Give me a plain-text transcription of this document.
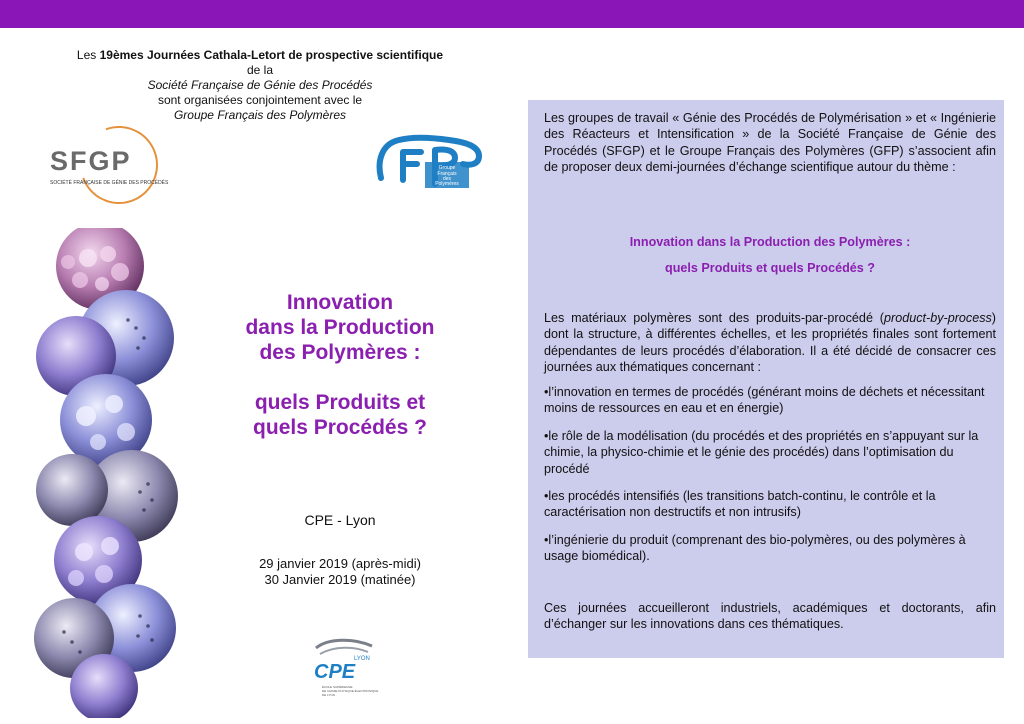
Les 19èmes Journées Cathala-Letort de prospective scientifique
de la
Société Française de Génie des Procédés
sont organisées conjointement avec le
Groupe Français des Polymères
SFGP
SOCIÉTÉ FRANÇAISE DE GÉNIE DES PROCÉDÉS
Groupe
Français
des
Polymères
Innovation
dans la Production
des Polymères :
quels Produits et
quels Procédés ?
CPE - Lyon
29 janvier 2019 (après-midi)
30 Janvier 2019 (matinée)
LYON
CPE
ÉCOLE SUPÉRIEURE
DE CHIMIE PHYSIQUE ÉLECTRONIQUE
DE LYON

Les groupes de travail « Génie des Procédés de Polymérisation » et « Ingénierie des Réacteurs et Intensification » de la Société Française de Génie des Procédés (SFGP) et le Groupe Français des Polymères (GFP) s’associent afin de proposer deux demi-journées d’échange scientifique autour du thème :

Innovation dans la Production des Polymères :

quels Produits et quels Procédés ?

Les matériaux polymères sont des produits-par-procédé (product-by-process) dont la structure, à différentes échelles, et les propriétés finales sont fortement dépendantes de leurs procédés d’élaboration. Il a été décidé de consacrer ces journées aux thématiques concernant :

•l’innovation en termes de procédés (générant moins de déchets et nécessitant moins de ressources en eau et en énergie)

•le rôle de la modélisation (du procédés et des propriétés en s’appuyant sur la chimie, la physico-chimie et le génie des procédés) dans l’optimisation du procédé

•les procédés intensifiés (les transitions batch-continu, le contrôle et la caractérisation non destructifs et non intrusifs)

•l’ingénierie du produit (comprenant des bio-polymères, ou des polymères à usage biomédical).

Ces journées accueilleront industriels, académiques et doctorants, afin d’échanger sur les innovations dans ces thématiques.
